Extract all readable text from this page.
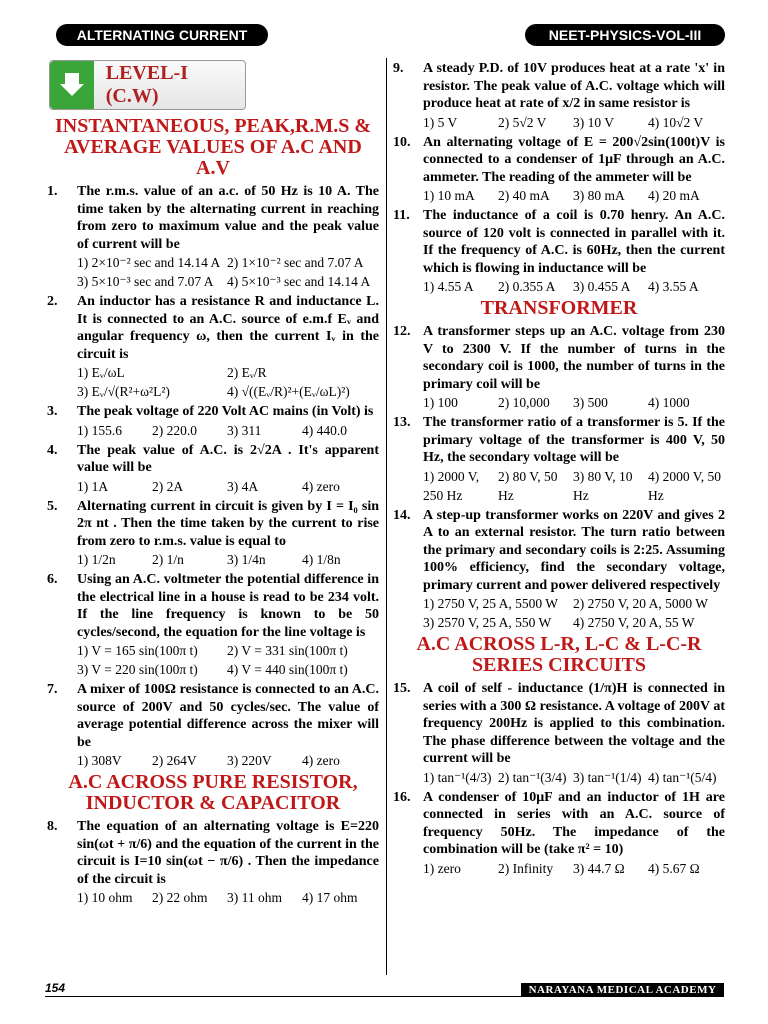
ALTERNATING CURRENT	NEET-PHYSICS-VOL-III
LEVEL-I (C.W)
INSTANTANEOUS, PEAK,R.M.S & AVERAGE VALUES OF A.C AND A.V
1.	The r.m.s. value of an a.c. of 50 Hz is 10 A. The time taken by the alternating current in reaching from zero to maximum value and the peak value of current will be
1) 2×10⁻² sec and 14.14 A 2) 1×10⁻² sec and 7.07 A3) 5×10⁻³ sec and 7.07 A 4) 5×10⁻³ sec and 14.14 A
2.	An inductor has a resistance R and inductance L. It is connected to an A.C. source of e.m.f Eᵥ and angular frequency ω, then the current Iᵥ in the circuit is
1) Eᵥ/ωL	2) Eᵥ/R3) Eᵥ/√(R²+ω²L²)	4) √((Eᵥ/R)²+(Eᵥ/ωL)²)
3.	The peak voltage of 220 Volt AC mains (in Volt) is
1) 155.6 2) 220.0 3) 311	4) 440.0
4.	The peak value of A.C. is 2√2A . It's apparent value will be
1) 1A	2) 2A	3) 4A	4) zero
5.	Alternating current in circuit is given by I = I₀ sin 2π nt . Then the time taken by the current to rise from zero to r.m.s. value is equal to
1) 1/2n	2) 1/n	3) 1/4n	4) 1/8n
6.	Using an A.C. voltmeter the potential difference in the electrical line in a house is read to be 234 volt. If the line frequency is known to be 50 cycles/second, the equation for the line voltage is
1) V = 165 sin(100π t) 2) V = 331 sin(100π t)3) V = 220 sin(100π t) 4) V = 440 sin(100π t)
7.	A mixer of 100Ω resistance is connected to an A.C. source of 200V and 50 cycles/sec. The value of average potential difference across the mixer will be
1) 308V 2) 264V 3) 220V 4) zero
A.C ACROSS PURE RESISTOR, INDUCTOR & CAPACITOR
8.	The equation of an alternating voltage is E=220 sin(ωt + π/6) and the equation of the current in the circuit is I=10 sin(ωt − π/6) . Then the impedance of the circuit is
1) 10 ohm 2) 22 ohm 3) 11 ohm 4) 17 ohm
9.	A steady P.D. of 10V produces heat at a rate 'x' in resistor. The peak value of A.C. voltage which will produce heat at rate of x/2 in same resistor is
1) 5 V	2) 5√2 V 3) 10 V	4) 10√2 V
10. An alternating voltage of E = 200√2sin(100t)V is connected to a condenser of 1μF through an A.C. ammeter. The reading of the ammeter will be
1) 10 mA 2) 40 mA 3) 80 mA 4) 20 mA
11. The inductance of a coil is 0.70 henry. An A.C. source of 120 volt is connected in parallel with it. If the frequency of A.C. is 60Hz, then the current which is flowing in inductance will be
1) 4.55 A 2) 0.355 A 3) 0.455 A 4) 3.55 A
TRANSFORMER
12. A transformer steps up an A.C. voltage from 230 V to 2300 V. If the number of turns in the secondary coil is 1000, the number of turns in the primary coil will be
1) 100	2) 10,000 3) 500	4) 1000
13. The transformer ratio of a transformer is 5. If the primary voltage of the transformer is 400 V, 50 Hz, the secondary voltage will be
1) 2000 V, 250 Hz2) 80 V, 50 Hz3) 80 V, 10 Hz4) 2000 V, 50 Hz
14. A step-up transformer works on 220V and gives 2 A to an external resistor. The turn ratio between the primary and secondary coils is 2:25. Assuming 100% efficiency, find the secondary voltage, primary current and power delivered respectively
1) 2750 V, 25 A, 5500 W 2) 2750 V, 20 A, 5000 W3) 2570 V, 25 A, 550 W 4) 2750 V, 20 A, 55 W
A.C ACROSS L-R, L-C & L-C-R SERIES CIRCUITS
15. A coil of self - inductance (1/π)H is connected in series with a 300 Ω resistance. A voltage of 200V at frequency 200Hz is applied to this combination. The phase difference between the voltage and the current will be
1) tan⁻¹(4/3) 2) tan⁻¹(3/4) 3) tan⁻¹(1/4) 4) tan⁻¹(5/4)
16. A condenser of 10μF and an inductor of 1H are connected in series with an A.C. source of frequency 50Hz. The impedance of the combination will be (take π² = 10)
1) zero	2) Infinity 3) 44.7 Ω 4) 5.67 Ω
154	NARAYANA MEDICAL ACADEMY
